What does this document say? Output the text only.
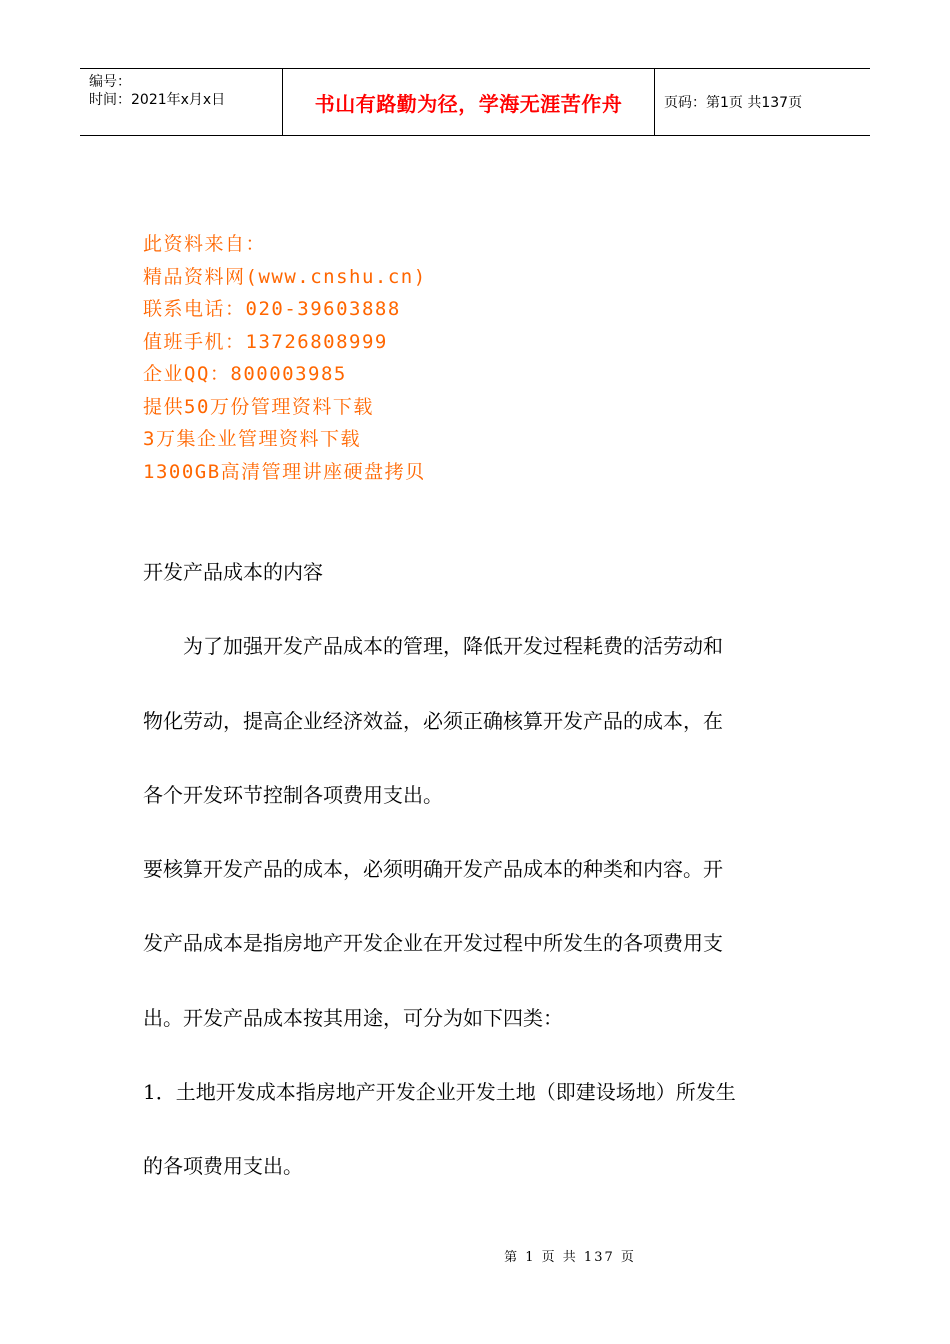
编号：
时间：2021年x月x日	书山有路勤为径，学海无涯苦作舟	页码：第1页 共137页
此资料来自：
精品资料网(www.cnshu.cn)
联系电话：020-39603888
值班手机：13726808999
企业QQ：800003985
提供50万份管理资料下载
3万集企业管理资料下载
1300GB高清管理讲座硬盘拷贝
开发产品成本的内容
　　为了加强开发产品成本的管理，降低开发过程耗费的活劳动和
物化劳动，提高企业经济效益，必须正确核算开发产品的成本，在
各个开发环节控制各项费用支出。
要核算开发产品的成本，必须明确开发产品成本的种类和内容。开
发产品成本是指房地产开发企业在开发过程中所发生的各项费用支
出。开发产品成本按其用途，可分为如下四类：
1．土地开发成本指房地产开发企业开发土地（即建设场地）所发生
的各项费用支出。
第 1 页 共 137 页
